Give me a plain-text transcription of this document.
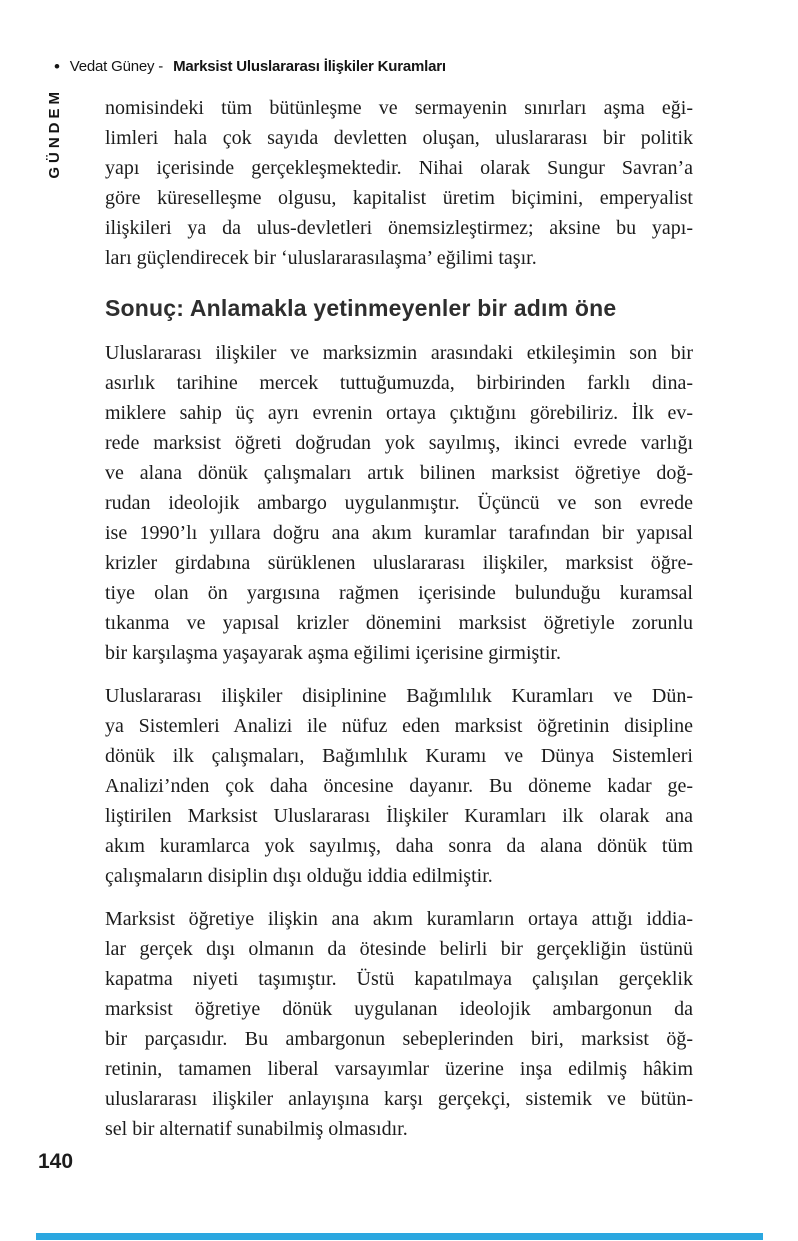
• Vedat Güney - Marksist Uluslararası İlişkiler Kuramları
GÜNDEM nomisindeki tüm bütünleşme ve sermayenin sınırları aşma eği-
limleri hala çok sayıda devletten oluşan, uluslararası bir politik
yapı içerisinde gerçekleşmektedir. Nihai olarak Sungur Savran’a
göre küreselleşme olgusu, kapitalist üretim biçimini, emperyalist
ilişkileri ya da ulus-devletleri önemsizleştirmez; aksine bu yapı-
ları güçlendirecek bir ‘uluslararasılaşma’ eğilimi taşır.
Sonuç: Anlamakla yetinmeyenler bir adım öne
Uluslararası ilişkiler ve marksizmin arasındaki etkileşimin son bir
asırlık tarihine mercek tuttuğumuzda, birbirinden farklı dina-
miklere sahip üç ayrı evrenin ortaya çıktığını görebiliriz. İlk ev-
rede marksist öğreti doğrudan yok sayılmış, ikinci evrede varlığı
ve alana dönük çalışmaları artık bilinen marksist öğretiye doğ-
rudan ideolojik ambargo uygulanmıştır. Üçüncü ve son evrede
ise 1990’lı yıllara doğru ana akım kuramlar tarafından bir yapısal
krizler girdabına sürüklenen uluslararası ilişkiler, marksist öğre-
tiye olan ön yargısına rağmen içerisinde bulunduğu kuramsal
tıkanma ve yapısal krizler dönemini marksist öğretiyle zorunlu
bir karşılaşma yaşayarak aşma eğilimi içerisine girmiştir.
Uluslararası ilişkiler disiplinine Bağımlılık Kuramları ve Dün-
ya Sistemleri Analizi ile nüfuz eden marksist öğretinin disipline
dönük ilk çalışmaları, Bağımlılık Kuramı ve Dünya Sistemleri
Analizi’nden çok daha öncesine dayanır. Bu döneme kadar ge-
liştirilen Marksist Uluslararası İlişkiler Kuramları ilk olarak ana
akım kuramlarca yok sayılmış, daha sonra da alana dönük tüm
çalışmaların disiplin dışı olduğu iddia edilmiştir.
Marksist öğretiye ilişkin ana akım kuramların ortaya attığı iddia-
lar gerçek dışı olmanın da ötesinde belirli bir gerçekliğin üstünü
kapatma niyeti taşımıştır. Üstü kapatılmaya çalışılan gerçeklik
marksist öğretiye dönük uygulanan ideolojik ambargonun da
bir parçasıdır. Bu ambargonun sebeplerinden biri, marksist öğ-
retinin, tamamen liberal varsayımlar üzerine inşa edilmiş hâkim
uluslararası ilişkiler anlayışına karşı gerçekçi, sistemik ve bütün-
sel bir alternatif sunabilmiş olmasıdır.
140
